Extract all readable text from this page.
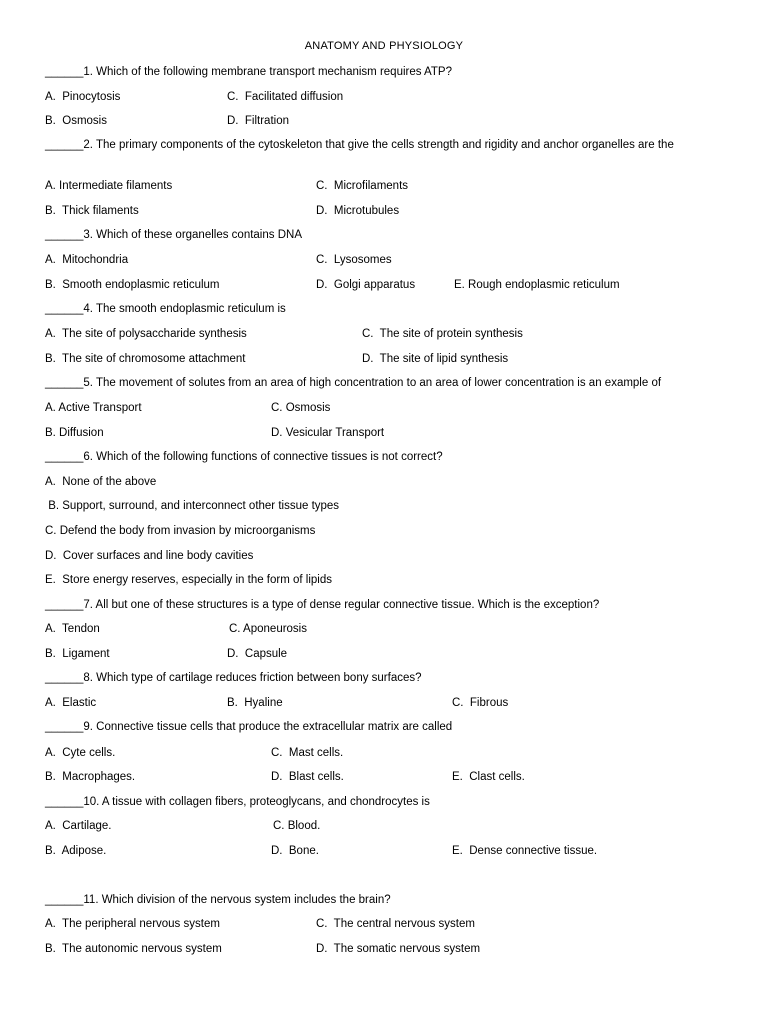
ANATOMY AND PHYSIOLOGY
______1. Which of the following membrane transport mechanism requires ATP?
A.  Pinocytosis	C.  Facilitated diffusion
B.  Osmosis	D.  Filtration
______2. The primary components of the cytoskeleton that give the cells strength and rigidity and anchor organelles are the
A. Intermediate filaments	C.  Microfilaments
B.  Thick filaments	D.  Microtubules
______3. Which of these organelles contains DNA
A.  Mitochondria	C.  Lysosomes
B.  Smooth endoplasmic reticulum	D.  Golgi apparatus	E. Rough endoplasmic reticulum
______4. The smooth endoplasmic reticulum is
A.  The site of polysaccharide synthesis	C.  The site of protein synthesis
B.  The site of chromosome attachment	D.  The site of lipid synthesis
______5. The movement of solutes from an area of high concentration to an area of lower concentration is an example of
A. Active Transport	C. Osmosis
B. Diffusion	D. Vesicular Transport
______6. Which of the following functions of connective tissues is not correct?
A.  None of the above
B. Support, surround, and interconnect other tissue types
C. Defend the body from invasion by microorganisms
D.  Cover surfaces and line body cavities
E.  Store energy reserves, especially in the form of lipids
______7. All but one of these structures is a type of dense regular connective tissue. Which is the exception?
A.  Tendon	C. Aponeurosis
B.  Ligament	D.  Capsule
______8. Which type of cartilage reduces friction between bony surfaces?
A.  Elastic	B.  Hyaline	C.  Fibrous
______9. Connective tissue cells that produce the extracellular matrix are called
A.  Cyte cells.	C.  Mast cells.
B.  Macrophages.	D.  Blast cells.	E.  Clast cells.
______10. A tissue with collagen fibers, proteoglycans, and chondrocytes is
A.  Cartilage.	C. Blood.
B.  Adipose.	D.  Bone.	E.  Dense connective tissue.
______11. Which division of the nervous system includes the brain?
A.  The peripheral nervous system	C.  The central nervous system
B.  The autonomic nervous system	D.  The somatic nervous system
